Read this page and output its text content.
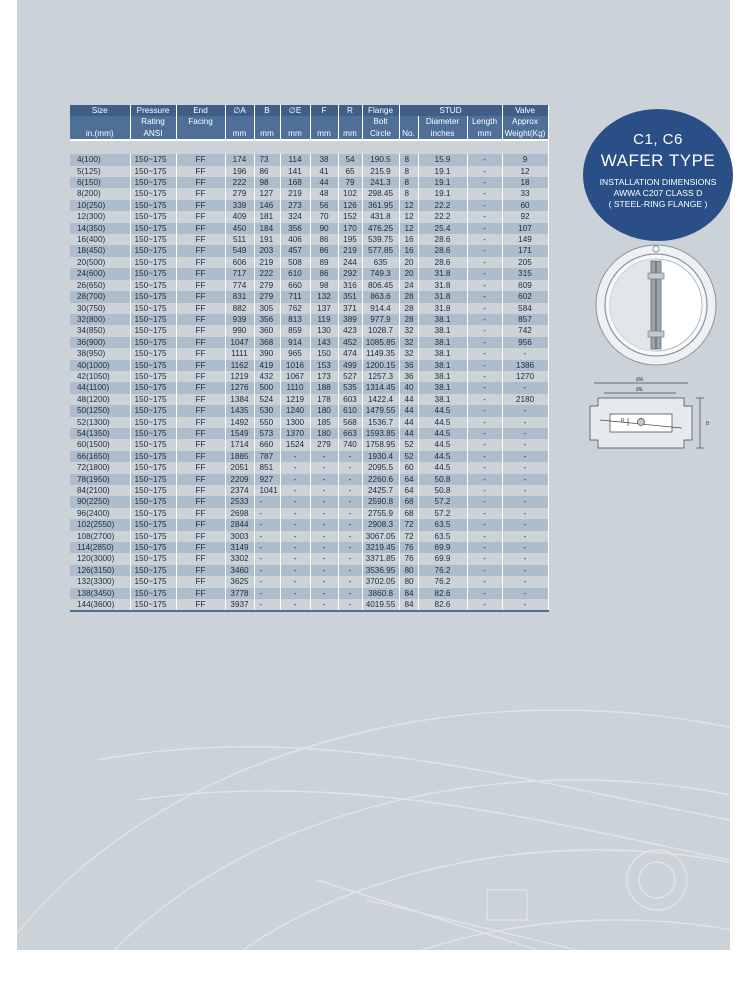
Size	Pressure	End	∅A	B	∅E	F	R	Flange	STUD			Valve
	Rating	Facing						Bolt		Diameter	Length	Approx
in.(mm)	ANSI		mm	mm	mm	mm	mm	Circle	No.	inches	mm	Weight(Kg)

4(100)	150~175	FF	174	73	114	38	54	190.5	8	15.9	-	9
5(125)	150~175	FF	196	86	141	41	65	215.9	8	19.1	-	12
6(150)	150~175	FF	222	98	168	44	79	241.3	8	19.1	-	18
8(200)	150~175	FF	279	127	219	48	102	298.45	8	19.1	-	33
10(250)	150~175	FF	339	146	273	56	126	361.95	12	22.2	-	60
12(300)	150~175	FF	409	181	324	70	152	431.8	12	22.2	-	92
14(350)	150~175	FF	450	184	356	90	170	476.25	12	25.4	-	107
16(400)	150~175	FF	511	191	406	86	195	539.75	16	28.6	-	149
18(450)	150~175	FF	549	203	457	86	219	577.85	16	28.6	-	171
20(500)	150~175	FF	606	219	508	89	244	635	20	28.6	-	205
24(600)	150~175	FF	717	222	610	86	292	749.3	20	31.8	-	315
26(650)	150~175	FF	774	279	660	98	316	806.45	24	31.8	-	609
28(700)	150~175	FF	831	279	711	132	351	863.6	28	31.8	-	602
30(750)	150~175	FF	882	305	762	137	371	914.4	28	31.8	-	584
32(800)	150~175	FF	939	356	813	119	389	977.9	28	38.1	-	857
34(850)	150~175	FF	990	360	859	130	423	1028.7	32	38.1	-	742
36(900)	150~175	FF	1047	368	914	143	452	1085.85	32	38.1	-	956
38(950)	150~175	FF	1111	390	965	150	474	1149.35	32	38.1	-	-
40(1000)	150~175	FF	1162	419	1016	153	499	1200.15	36	38.1	-	1386
42(1050)	150~175	FF	1219	432	1067	173	527	1257.3	36	38.1	-	1270
44(1100)	150~175	FF	1276	500	1110	188	535	1314.45	40	38.1	-	-
48(1200)	150~175	FF	1384	524	1219	178	603	1422.4	44	38.1	-	2180
50(1250)	150~175	FF	1435	530	1240	180	610	1479.55	44	44.5	-	-
52(1300)	150~175	FF	1492	550	1300	185	568	1536.7	44	44.5	-	-
54(1350)	150~175	FF	1549	573	1370	180	663	1593.85	44	44.5	-	-
60(1500)	150~175	FF	1714	660	1524	279	740	1758.95	52	44.5	-	-
66(1650)	150~175	FF	1885	787	-	-	-	1930.4	52	44.5	-	-
72(1800)	150~175	FF	2051	851	-	-	-	2095.5	60	44.5	-	-
78(1950)	150~175	FF	2209	927	-	-	-	2260.6	64	50.8	-	-
84(2100)	150~175	FF	2374	1041	-	-	-	2425.7	64	50.8	-	-
90(2250)	150~175	FF	2533	-	-	-	-	2590.8	68	57.2	-	-
96(2400)	150~175	FF	2698	-	-	-	-	2755.9	68	57.2	-	-
102(2550)	150~175	FF	2844	-	-	-	-	2908.3	72	63.5	-	-
108(2700)	150~175	FF	3003	-	-	-	-	3067.05	72	63.5	-	-
114(2850)	150~175	FF	3149	-	-	-	-	3219.45	76	69.9	-	-
120(3000)	150~175	FF	3302	-	-	-	-	3371.85	76	69.9	-	-
126(3150)	150~175	FF	3460	-	-	-	-	3536.95	80	76.2	-	-
132(3300)	150~175	FF	3625	-	-	-	-	3702.05	80	76.2	-	-
138(3450)	150~175	FF	3778	-	-	-	-	3860.8	84	82.6	-	-
144(3600)	150~175	FF	3937	-	-	-	-	4019.55	84	82.6	-	-
C1, C6
WAFER TYPE
INSTALLATION DIMENSIONS
AWWA C207 CLASS D
( STEEL-RING FLANGE )
ØA
ØE
R	B
